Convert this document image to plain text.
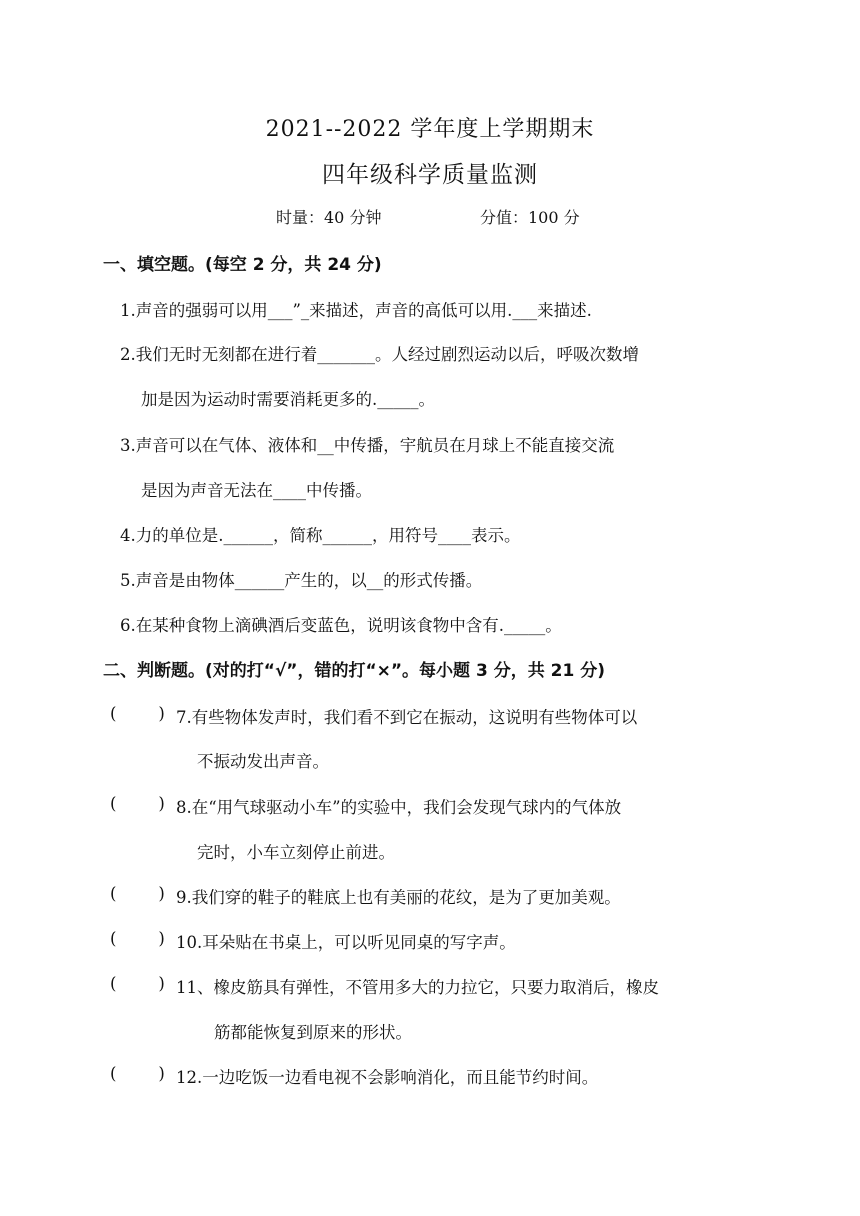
2021--2022 学年度上学期期末
四年级科学质量监测
时量：40 分钟	分值：100 分
一、填空题。(每空 2 分，共 24 分)
1.声音的强弱可以用___”_来描述，声音的高低可以用.___来描述.
2.我们无时无刻都在进行着_______。人经过剧烈运动以后，呼吸次数增
加是因为运动时需要消耗更多的._____。
3.声音可以在气体、液体和__中传播，宇航员在月球上不能直接交流
是因为声音无法在____中传播。
4.力的单位是.______，简称______，用符号____表示。
5.声音是由物体______产生的，以__的形式传播。
6.在某种食物上滴碘酒后变蓝色，说明该食物中含有._____。
二、判断题。(对的打“√”，错的打“×”。每小题 3 分，共 21 分)
(        ) 7.有些物体发声时，我们看不到它在振动，这说明有些物体可以
不振动发出声音。
(        ) 8.在“用气球驱动小车”的实验中，我们会发现气球内的气体放
完时，小车立刻停止前进。
(        ) 9.我们穿的鞋子的鞋底上也有美丽的花纹，是为了更加美观。
(        ) 10.耳朵贴在书桌上，可以听见同桌的写字声。
(        ) 11、橡皮筋具有弹性，不管用多大的力拉它，只要力取消后，橡皮
筋都能恢复到原来的形状。
(        ) 12.一边吃饭一边看电视不会影响消化，而且能节约时间。
